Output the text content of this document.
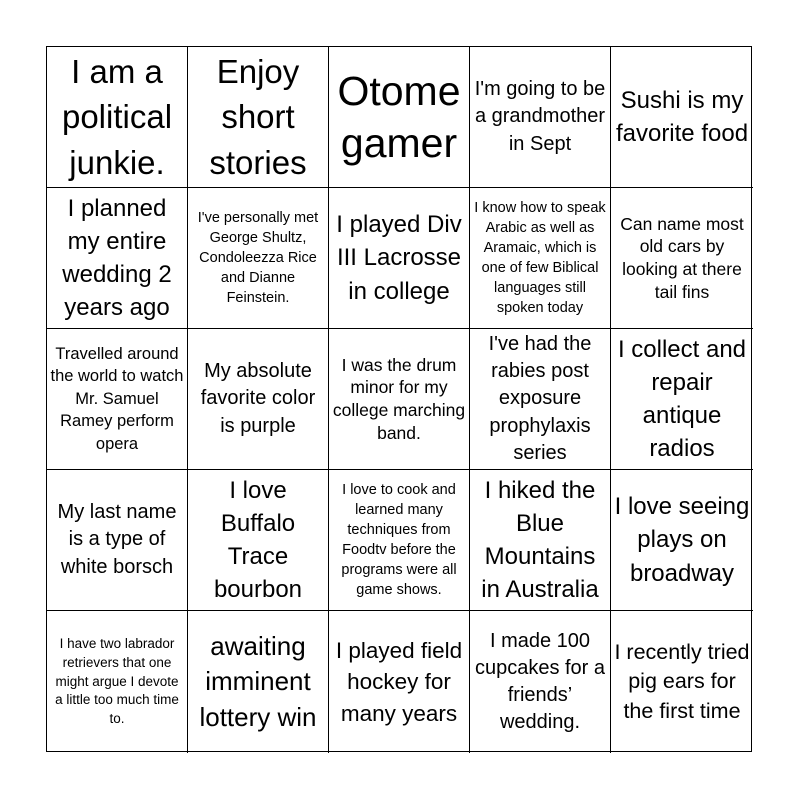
I am a political junkie.
Enjoy short stories
Otome gamer
I'm going to be a grandmother in Sept
Sushi is my favorite food
I planned my entire wedding 2 years ago
I've personally met George Shultz, Condoleezza Rice and Dianne Feinstein.
I played Div III Lacrosse in college
I know how to speak Arabic as well as Aramaic, which is one of few Biblical languages still spoken today
Can name most old cars by looking at there tail fins
Travelled around the world to watch Mr. Samuel Ramey perform opera
My absolute favorite color is purple
I was the drum minor for my college marching band.
I've had the rabies post exposure prophylaxis series
I collect and repair antique radios
My last name is a type of white borsch
I love Buffalo Trace bourbon
I love to cook and learned many techniques from Foodtv before the programs were all game shows.
I hiked the Blue Mountains in Australia
I love seeing plays on broadway
I have two labrador retrievers that one might argue I devote a little too much time to.
awaiting imminent lottery win
I played field hockey for many years
I made 100 cupcakes for a friends’ wedding.
I recently tried pig ears for the first time
